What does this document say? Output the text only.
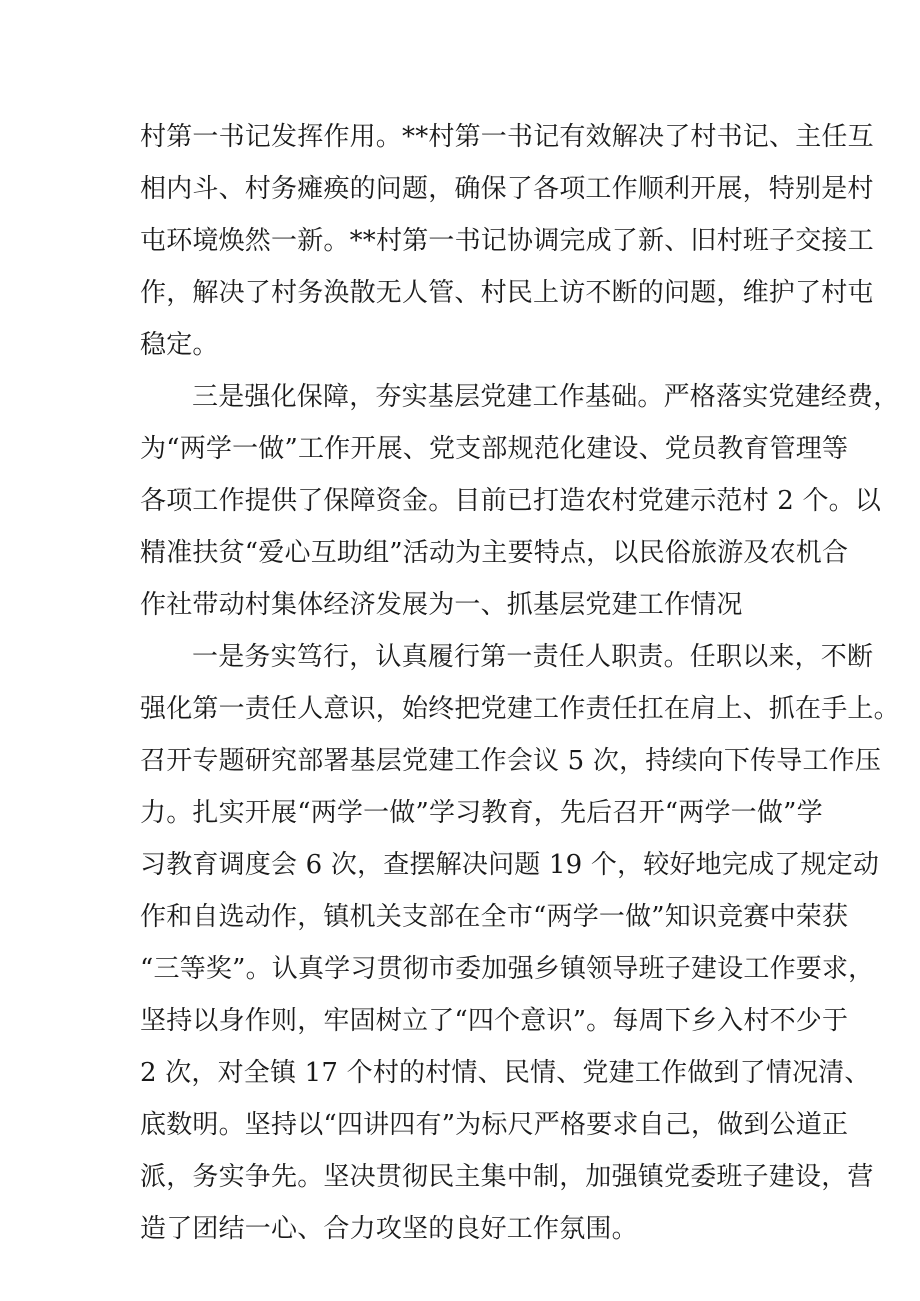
村第一书记发挥作用。**村第一书记有效解决了村书记、主任互
相内斗、村务瘫痪的问题，确保了各项工作顺利开展，特别是村
屯环境焕然一新。**村第一书记协调完成了新、旧村班子交接工
作，解决了村务涣散无人管、村民上访不断的问题，维护了村屯
稳定。
三是强化保障，夯实基层党建工作基础。严格落实党建经费，
为“两学一做”工作开展、党支部规范化建设、党员教育管理等
各项工作提供了保障资金。目前已打造农村党建示范村 2 个。以
精准扶贫“爱心互助组”活动为主要特点，以民俗旅游及农机合
作社带动村集体经济发展为一、抓基层党建工作情况
一是务实笃行，认真履行第一责任人职责。任职以来，不断
强化第一责任人意识，始终把党建工作责任扛在肩上、抓在手上。
召开专题研究部署基层党建工作会议 5 次，持续向下传导工作压
力。扎实开展“两学一做”学习教育，先后召开“两学一做”学
习教育调度会 6 次，查摆解决问题 19 个，较好地完成了规定动
作和自选动作，镇机关支部在全市“两学一做”知识竞赛中荣获
“三等奖”。认真学习贯彻市委加强乡镇领导班子建设工作要求，
坚持以身作则，牢固树立了“四个意识”。每周下乡入村不少于
2 次，对全镇 17 个村的村情、民情、党建工作做到了情况清、
底数明。坚持以“四讲四有”为标尺严格要求自己，做到公道正
派，务实争先。坚决贯彻民主集中制，加强镇党委班子建设，营
造了团结一心、合力攻坚的良好工作氛围。
